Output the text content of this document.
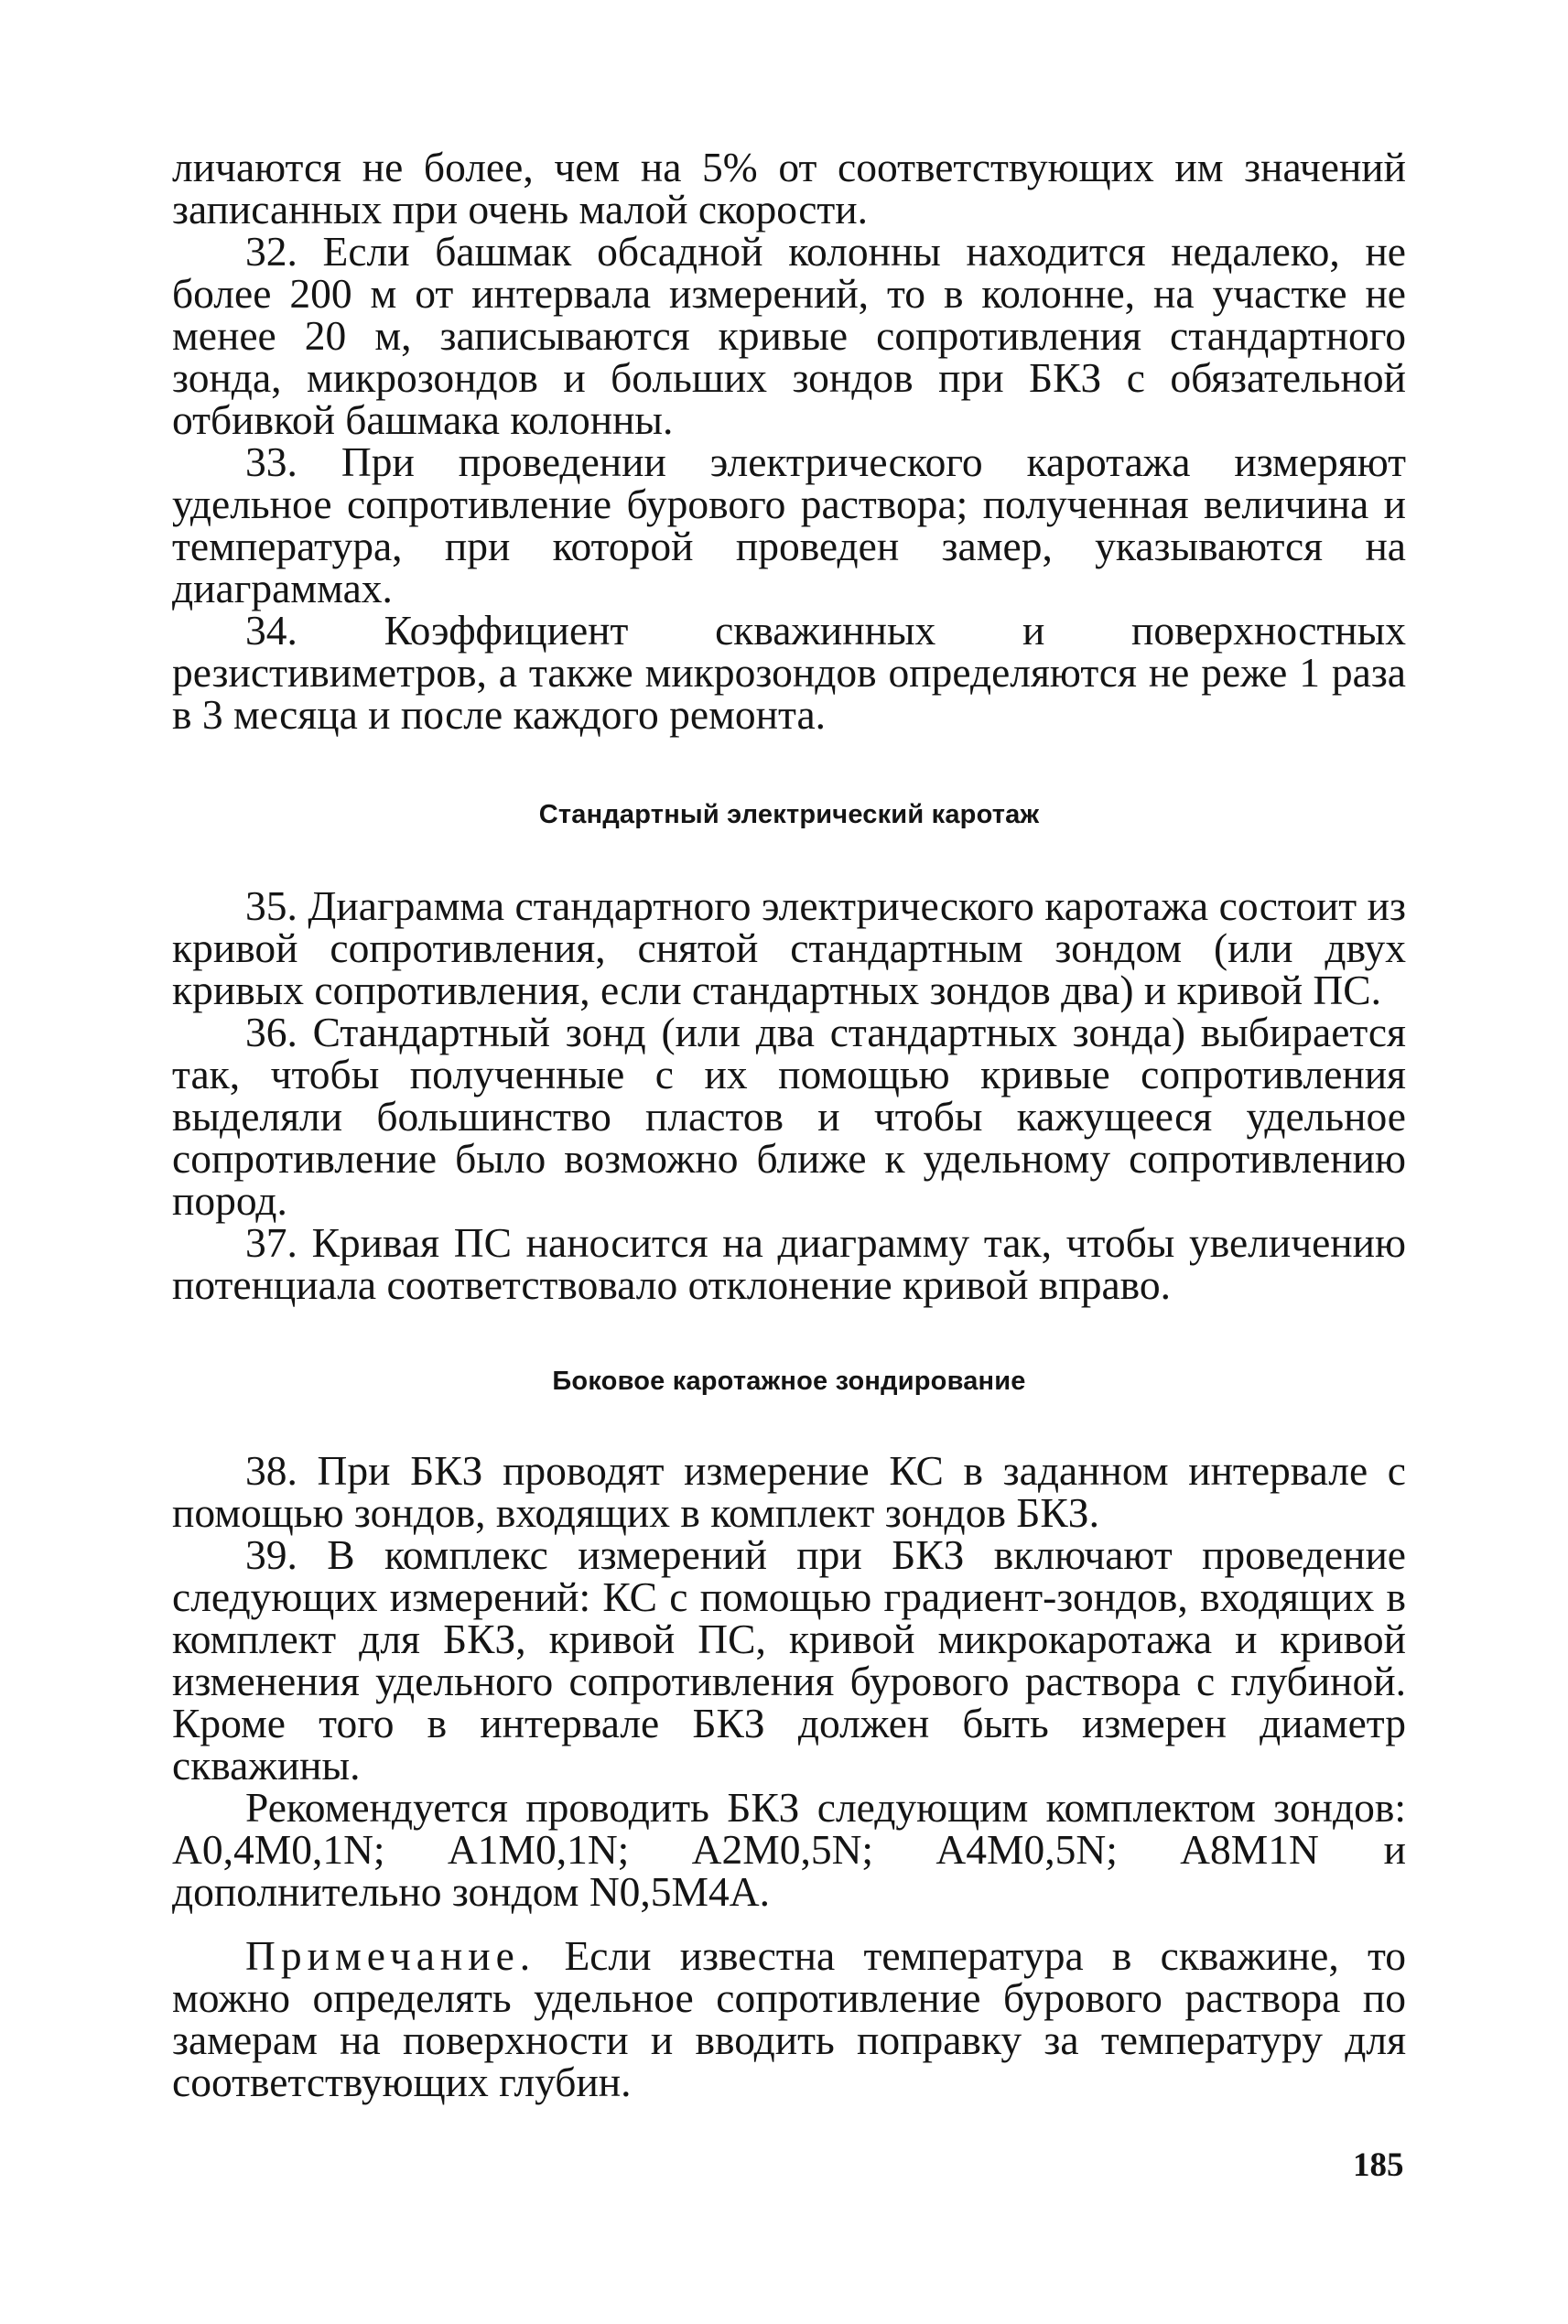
личаются не более, чем на 5% от соответствующих им значений записанных при очень малой скорости.

32. Если башмак обсадной колонны находится недалеко, не более 200 м от интервала измерений, то в колонне, на участке не менее 20 м, записываются кривые сопротивления стандартного зонда, микрозондов и больших зондов при БКЗ с обязательной отбивкой башмака колонны.

33. При проведении электрического каротажа измеряют удельное сопротивление бурового раствора; полученная величина и температура, при которой проведен замер, указываются на диаграммах.

34. Коэффициент скважинных и поверхностных резистивиметров, а также микрозондов определяются не реже 1 раза в 3 месяца и после каждого ремонта.

Стандартный электрический каротаж

35. Диаграмма стандартного электрического каротажа состоит из кривой сопротивления, снятой стандартным зондом (или двух кривых сопротивления, если стандартных зондов два) и кривой ПС.

36. Стандартный зонд (или два стандартных зонда) выбирается так, чтобы полученные с их помощью кривые сопротивления выделяли большинство пластов и чтобы кажущееся удельное сопротивление было возможно ближе к удельному сопротивлению пород.

37. Кривая ПС наносится на диаграмму так, чтобы увеличению потенциала соответствовало отклонение кривой вправо.

Боковое каротажное зондирование

38. При БКЗ проводят измерение КС в заданном интервале с помощью зондов, входящих в комплект зондов БКЗ.

39. В комплекс измерений при БКЗ включают проведение следующих измерений: КС с помощью градиент-зондов, входящих в комплект для БКЗ, кривой ПС, кривой микрокаротажа и кривой изменения удельного сопротивления бурового раствора с глубиной. Кроме того в интервале БКЗ должен быть измерен диаметр скважины.

Рекомендуется проводить БКЗ следующим комплектом зондов: A0,4M0,1N; A1M0,1N; A2M0,5N; A4M0,5N; A8M1N и дополнительно зондом N0,5M4A.

Примечание. Если известна температура в скважине, то можно определять удельное сопротивление бурового раствора по замерам на поверхности и вводить поправку за температуру для соответствующих глубин.

185
